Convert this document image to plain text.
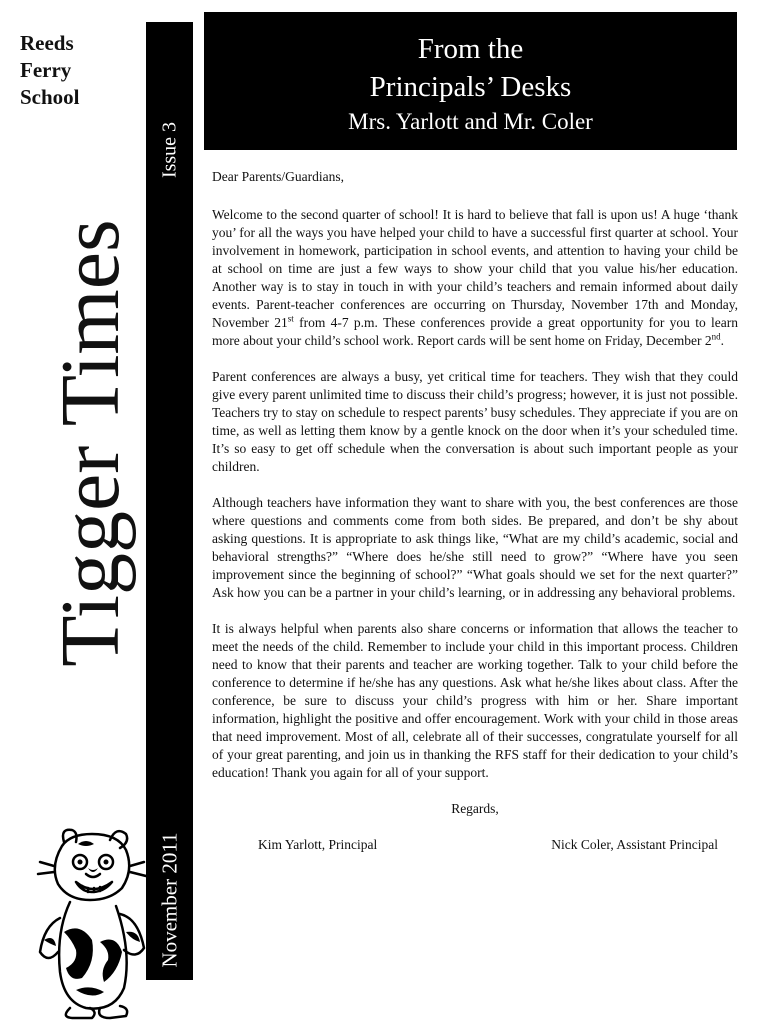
Reeds
Ferry
School
Tigger Times
Issue 3
November 2011
From the
Principals’ Desks
Mrs. Yarlott and Mr. Coler

Dear Parents/Guardians,

Welcome to the second quarter of school! It is hard to believe that fall is upon us! A huge ‘thank you’ for all the ways you have helped your child to have a successful first quarter at school. Your involvement in homework, participation in school events, and attention to having your child be at school on time are just a few ways to show your child that you value his/her education. Another way is to stay in touch in with your child’s teachers and remain informed about daily events. Parent-teacher conferences are occurring on Thursday, November 17th and Monday, November 21st from 4-7 p.m. These conferences provide a great opportunity for you to learn more about your child’s school work. Report cards will be sent home on Friday, December 2nd.

Parent conferences are always a busy, yet critical time for teachers. They wish that they could give every parent unlimited time to discuss their child’s progress; however, it is just not possible. Teachers try to stay on schedule to respect parents’ busy schedules. They appreciate if you are on time, as well as letting them know by a gentle knock on the door when it’s your scheduled time. It’s so easy to get off schedule when the conversation is about such important people as your children.

Although teachers have information they want to share with you, the best conferences are those where questions and comments come from both sides. Be prepared, and don’t be shy about asking questions. It is appropriate to ask things like, “What are my child’s academic, social and behavioral strengths?” “Where does he/she still need to grow?” “Where have you seen improvement since the beginning of school?” “What goals should we set for the next quarter?” Ask how you can be a partner in your child’s learning, or in addressing any behavioral problems.

It is always helpful when parents also share concerns or information that allows the teacher to meet the needs of the child. Remember to include your child in this important process. Children need to know that their parents and teacher are working together. Talk to your child before the conference to determine if he/she has any questions. Ask what he/she likes about class. After the conference, be sure to discuss your child’s progress with him or her. Share important information, highlight the positive and offer encouragement. Work with your child in those areas that need improvement. Most of all, celebrate all of their successes, congratulate yourself for all of your great parenting, and join us in thanking the RFS staff for their dedication to your child’s education! Thank you again for all of your support.

Regards,
Kim Yarlott, Principal	Nick Coler, Assistant Principal
